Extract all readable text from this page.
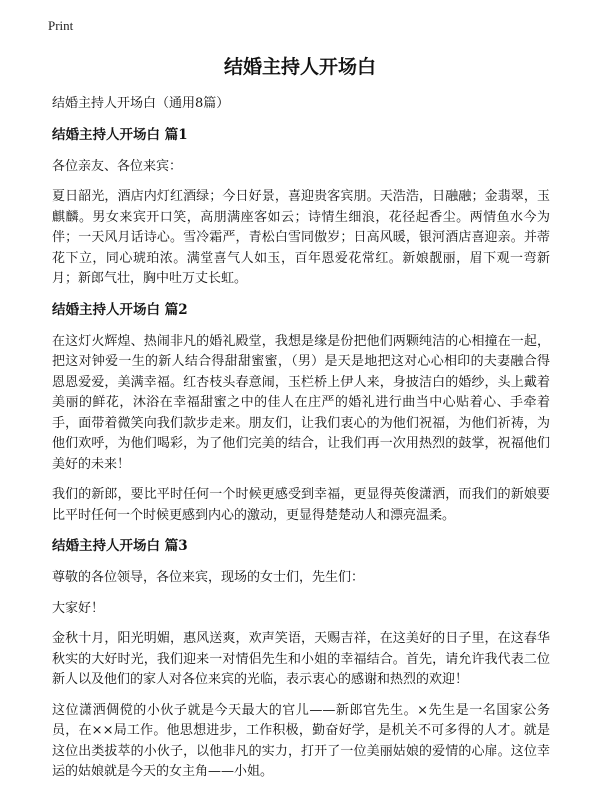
Print
结婚主持人开场白

结婚主持人开场白（通用8篇）

结婚主持人开场白 篇1

各位亲友、各位来宾：

夏日韶光，酒店内灯红酒绿；今日好景，喜迎贵客宾朋。天浩浩，日融融；金翡翠，玉麒麟。男女来宾开口笑，高朋满座客如云；诗情生细浪，花径起香尘。两情鱼水今为伴；一天风月话诗心。雪冷霜严，青松白雪同傲岁；日高风暖，银河酒店喜迎亲。并蒂花下立，同心琥珀浓。满堂喜气人如玉，百年恩爱花常红。新娘靓丽，眉下观一弯新月；新郎气壮，胸中吐万丈长虹。

结婚主持人开场白 篇2

在这灯火辉煌、热闹非凡的婚礼殿堂，我想是缘是份把他们两颗纯洁的心相撞在一起，把这对钟爱一生的新人结合得甜甜蜜蜜，（男）是天是地把这对心心相印的夫妻融合得恩恩爱爱，美满幸福。红杏枝头春意闹，玉栏桥上伊人来，身披洁白的婚纱，头上戴着美丽的鲜花，沐浴在幸福甜蜜之中的佳人在庄严的婚礼进行曲当中心贴着心、手牵着手，面带着微笑向我们款步走来。朋友们，让我们衷心的为他们祝福，为他们祈祷，为他们欢呼，为他们喝彩，为了他们完美的结合，让我们再一次用热烈的鼓掌，祝福他们美好的未来！

我们的新郎，要比平时任何一个时候更感受到幸福，更显得英俊潇洒，而我们的新娘要比平时任何一个时候更感到内心的激动，更显得楚楚动人和漂亮温柔。

结婚主持人开场白 篇3

尊敬的各位领导，各位来宾，现场的女士们，先生们：

大家好！

金秋十月，阳光明媚，惠风送爽，欢声笑语，天赐吉祥，在这美好的日子里，在这春华秋实的大好时光，我们迎来一对情侣先生和小姐的幸福结合。首先，请允许我代表二位新人以及他们的家人对各位来宾的光临，表示衷心的感谢和热烈的欢迎！

这位潇洒倜傥的小伙子就是今天最大的官儿——新郎官先生。×先生是一名国家公务员，在××局工作。他思想进步，工作积极，勤奋好学，是机关不可多得的人才。就是这位出类拔萃的小伙子，以他非凡的实力，打开了一位美丽姑娘的爱情的心扉。这位幸运的姑娘就是今天的女主角——小姐。
